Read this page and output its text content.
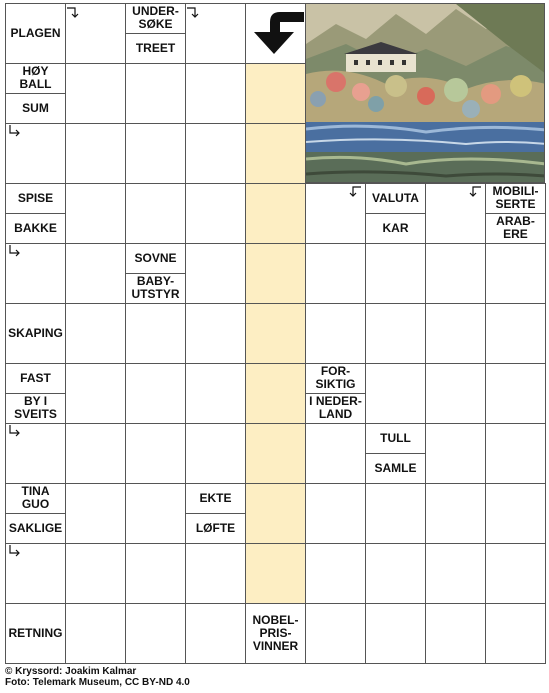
PLAGEN
UNDER-
SØKE
TREET
HØY
BALL
SUM
SPISE
BAKKE
VALUTA
KAR
MOBILI-
SERTE
ARAB-
ERE
SOVNE
BABY-
UTSTYR
SKAPING
FAST
BY I
SVEITS
FOR-
SIKTIG
I NEDER-
LAND
TULL
SAMLE
TINA
GUO
SAKLIGE
EKTE
LØFTE
RETNING
NOBEL-
PRIS-
VINNER
© Kryssord: Joakim Kalmar
Foto: Telemark Museum, CC BY-ND 4.0
